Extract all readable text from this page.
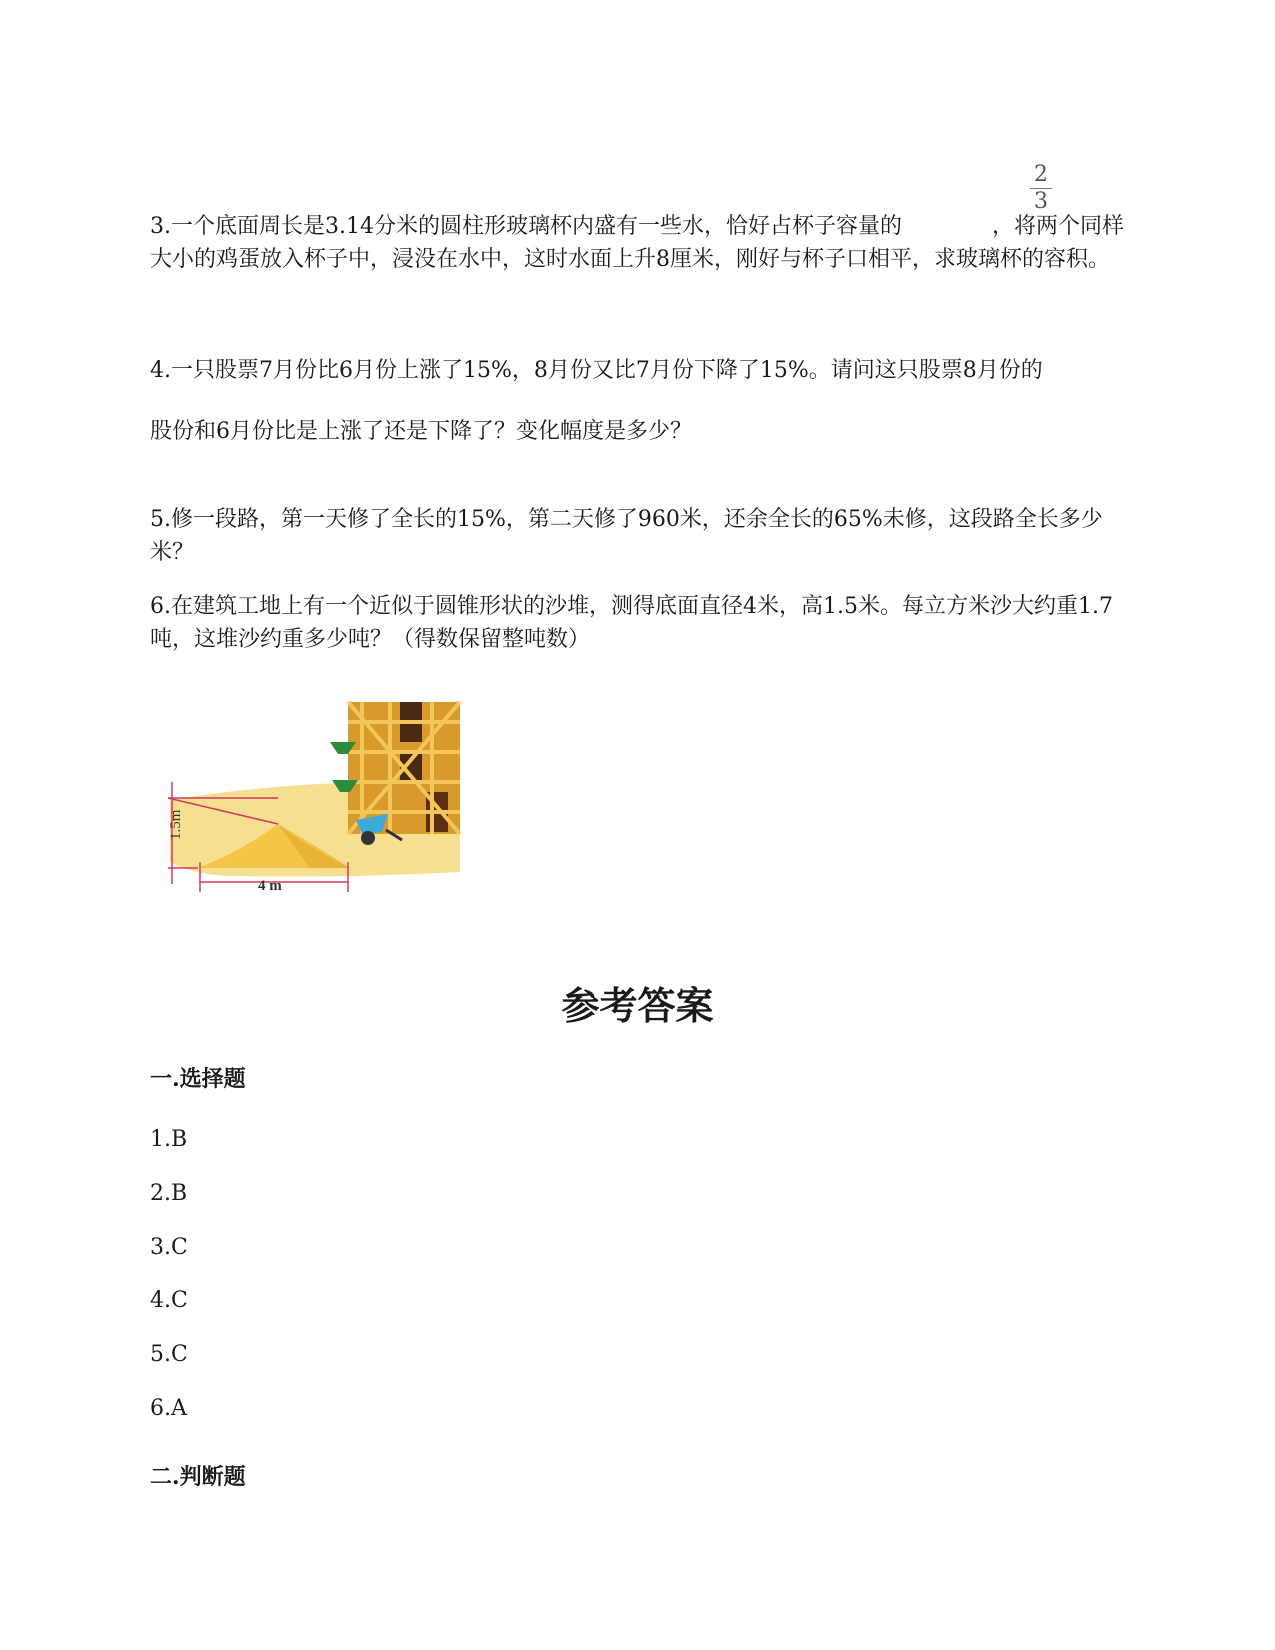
2
3

3.一个底面周长是3.14分米的圆柱形玻璃杯内盛有一些水，恰好占杯子容量的	，将两个同样大小的鸡蛋放入杯子中，浸没在水中，这时水面上升8厘米，刚好与杯子口相平，求玻璃杯的容积。

4.一只股票7月份比6月份上涨了15%，8月份又比7月份下降了15%。请问这只股票8月份的

股份和6月份比是上涨了还是下降了？变化幅度是多少？

5.修一段路，第一天修了全长的15%，第二天修了960米，还余全长的65%未修，这段路全长多少米？

6.在建筑工地上有一个近似于圆锥形状的沙堆，测得底面直径4米，高1.5米。每立方米沙大约重1.7吨，这堆沙约重多少吨？（得数保留整吨数）

1.5m
4 m
参考答案

一.选择题

1.B

2.B

3.C

4.C

5.C

6.A

二.判断题
